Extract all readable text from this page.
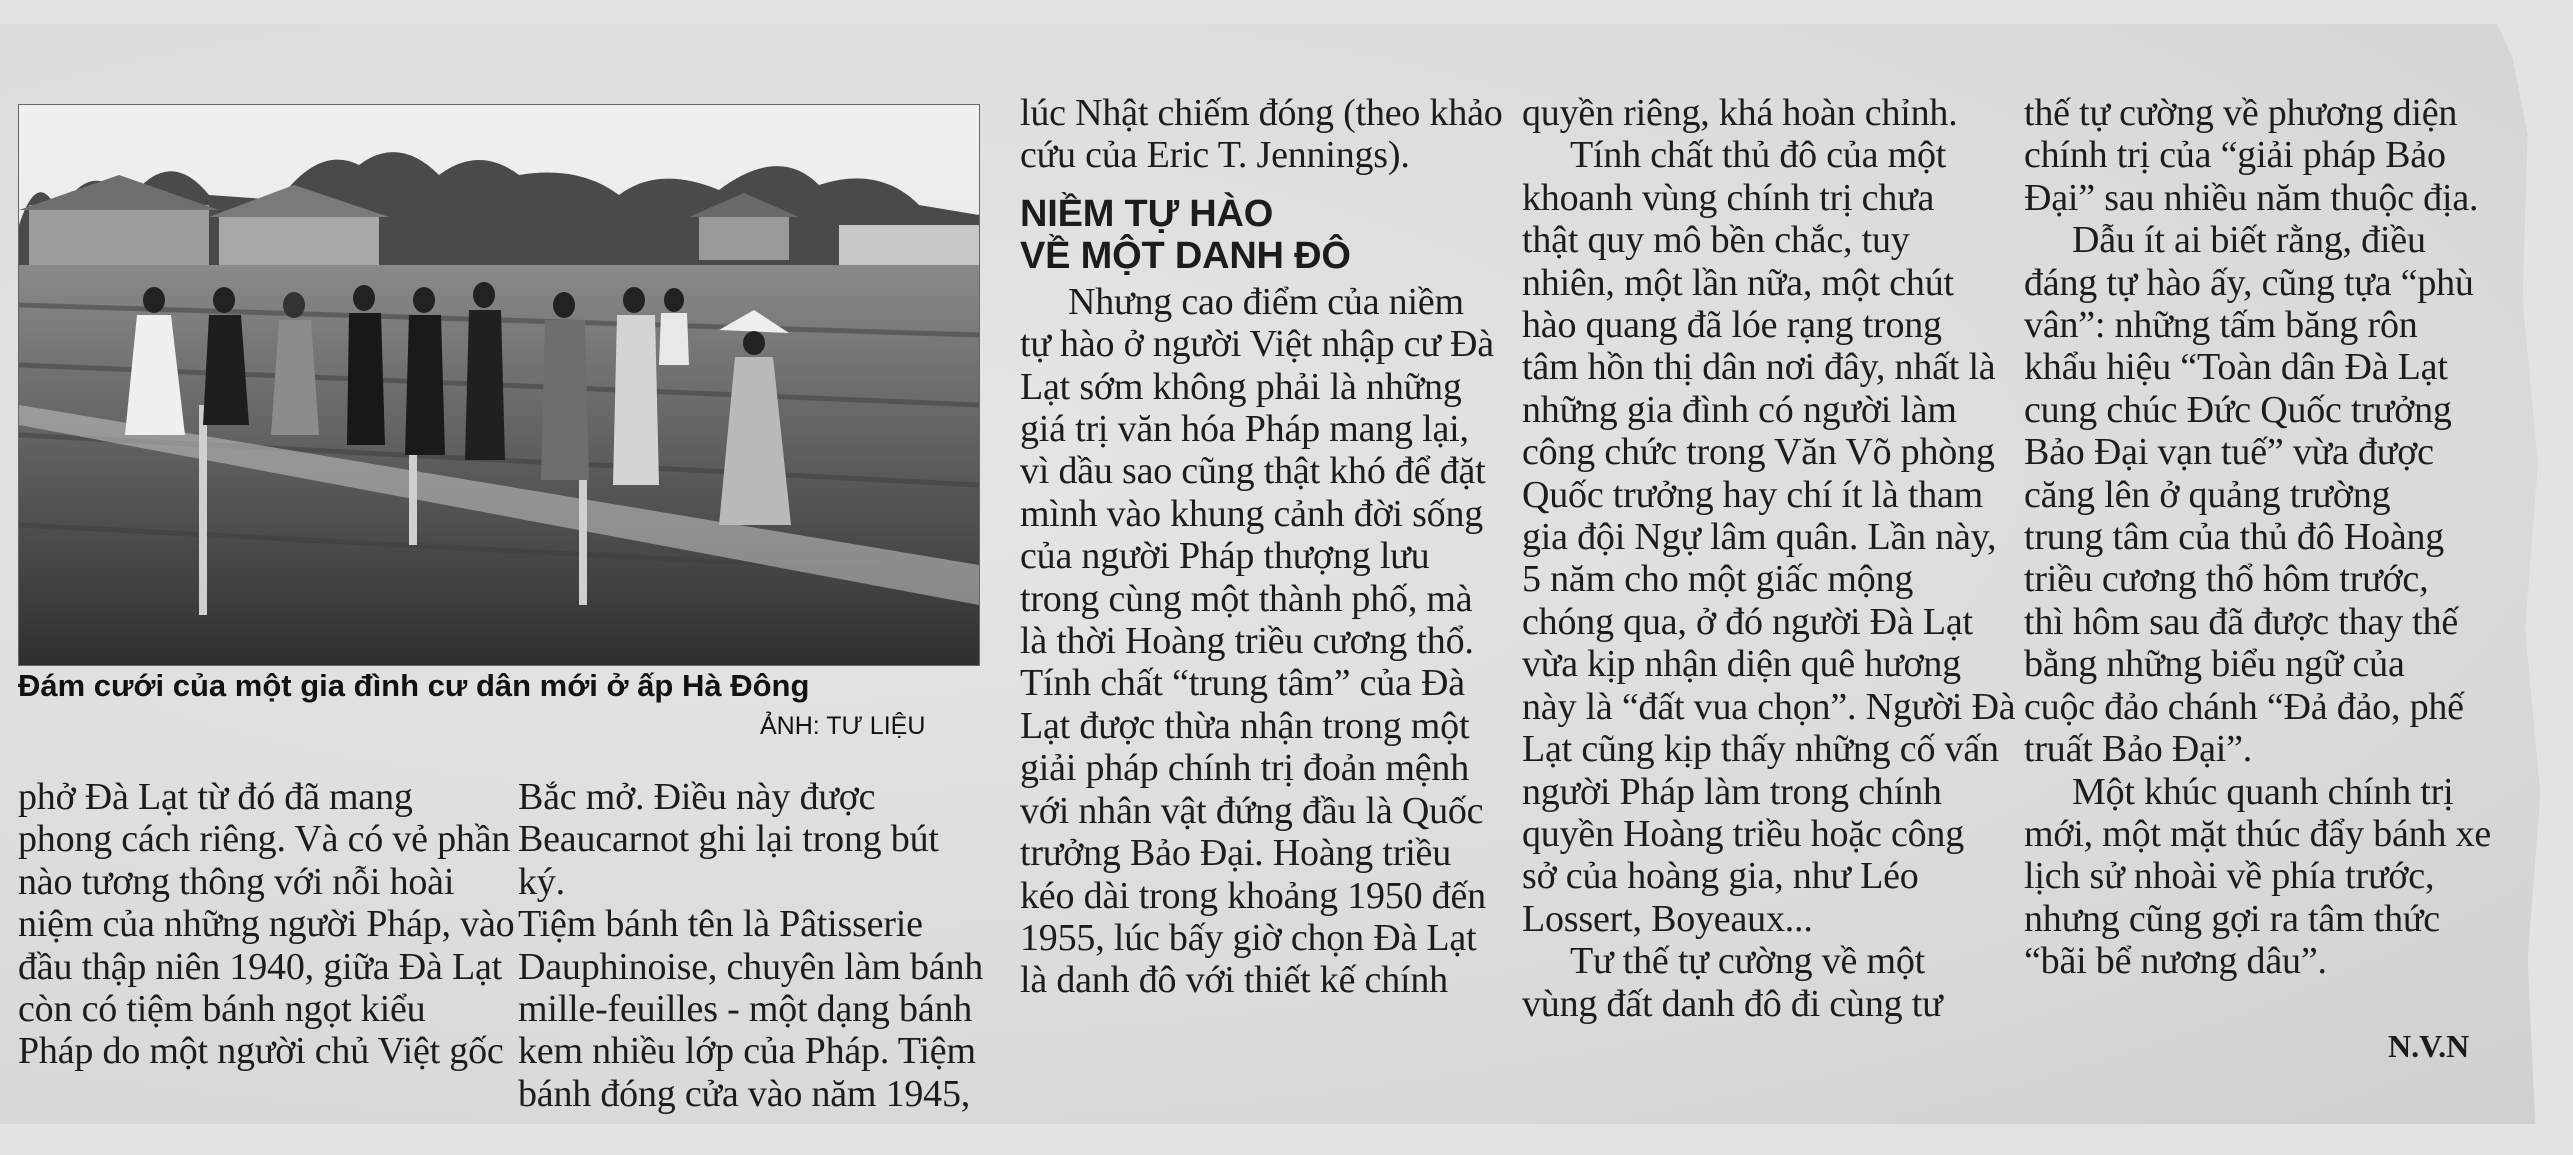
Đám cưới của một gia đình cư dân mới ở ấp Hà Đông
ẢNH: TƯ LIỆU

phở Đà Lạt từ đó đã mang

phong cách riêng. Và có vẻ phần

nào tương thông với nỗi hoài

niệm của những người Pháp, vào

đầu thập niên 1940, giữa Đà Lạt

còn có tiệm bánh ngọt kiểu

Pháp do một người chủ Việt gốc

Bắc mở. Điều này được

Beaucarnot ghi lại trong bút ký.

Tiệm bánh tên là Pâtisserie

Dauphinoise, chuyên làm bánh

mille-feuilles - một dạng bánh

kem nhiều lớp của Pháp. Tiệm

bánh đóng cửa vào năm 1945,

lúc Nhật chiếm đóng (theo khảo

cứu của Eric T. Jennings).

NIỀM TỰ HÀO
VỀ MỘT DANH ĐÔ

Nhưng cao điểm của niềm

tự hào ở người Việt nhập cư Đà

Lạt sớm không phải là những

giá trị văn hóa Pháp mang lại,

vì dầu sao cũng thật khó để đặt

mình vào khung cảnh đời sống

của người Pháp thượng lưu

trong cùng một thành phố, mà

là thời Hoàng triều cương thổ.

Tính chất “trung tâm” của Đà

Lạt được thừa nhận trong một

giải pháp chính trị đoản mệnh

với nhân vật đứng đầu là Quốc

trưởng Bảo Đại. Hoàng triều

kéo dài trong khoảng 1950 đến

1955, lúc bấy giờ chọn Đà Lạt

là danh đô với thiết kế chính

quyền riêng, khá hoàn chỉnh.

Tính chất thủ đô của một

khoanh vùng chính trị chưa

thật quy mô bền chắc, tuy

nhiên, một lần nữa, một chút

hào quang đã lóe rạng trong

tâm hồn thị dân nơi đây, nhất là

những gia đình có người làm

công chức trong Văn Võ phòng

Quốc trưởng hay chí ít là tham

gia đội Ngự lâm quân. Lần này,

5 năm cho một giấc mộng

chóng qua, ở đó người Đà Lạt

vừa kịp nhận diện quê hương

này là “đất vua chọn”. Người Đà

Lạt cũng kịp thấy những cố vấn

người Pháp làm trong chính

quyền Hoàng triều hoặc công

sở của hoàng gia, như Léo

Lossert, Boyeaux...

Tư thế tự cường về một

vùng đất danh đô đi cùng tư

thế tự cường về phương diện

chính trị của “giải pháp Bảo

Đại” sau nhiều năm thuộc địa.

Dẫu ít ai biết rằng, điều

đáng tự hào ấy, cũng tựa “phù

vân”: những tấm băng rôn

khẩu hiệu “Toàn dân Đà Lạt

cung chúc Đức Quốc trưởng

Bảo Đại vạn tuế” vừa được

căng lên ở quảng trường

trung tâm của thủ đô Hoàng

triều cương thổ hôm trước,

thì hôm sau đã được thay thế

bằng những biểu ngữ của

cuộc đảo chánh “Đả đảo, phế

truất Bảo Đại”.

Một khúc quanh chính trị

mới, một mặt thúc đẩy bánh xe

lịch sử nhoài về phía trước,

nhưng cũng gợi ra tâm thức

“bãi bể nương dâu”.

N.V.N
